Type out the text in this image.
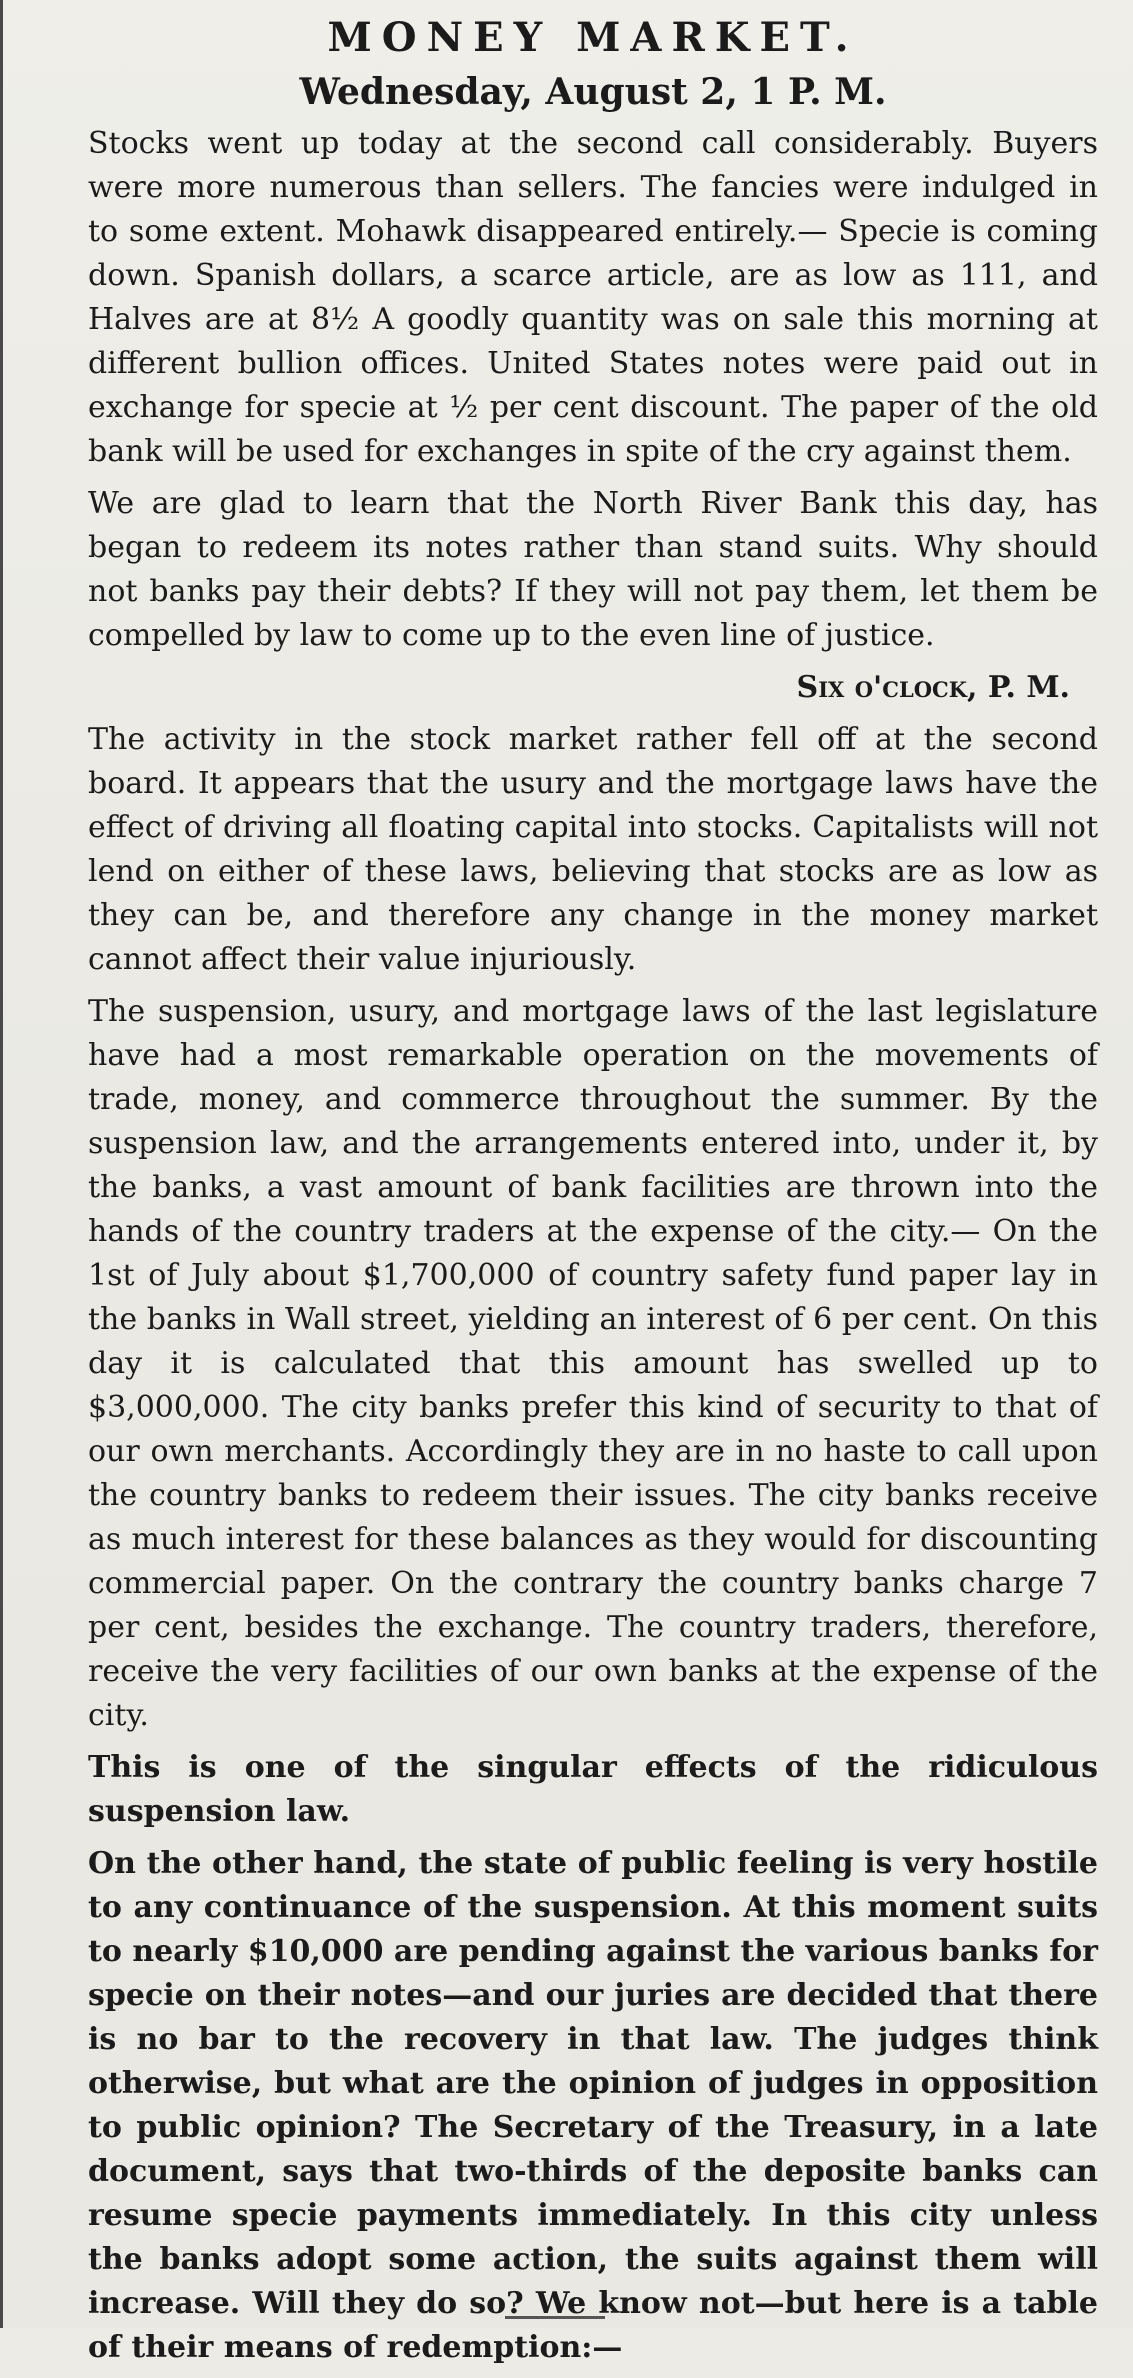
MONEY MARKET.
Wednesday, August 2, 1 P. M.

Stocks went up today at the second call considerably. Buyers were more numerous than sellers. The fancies were indulged in to some extent. Mohawk disappeared entirely.— Specie is coming down. Spanish dollars, a scarce article, are as low as 111, and Halves are at 8½ A goodly quantity was on sale this morning at different bullion offices. United States notes were paid out in exchange for specie at ½ per cent discount. The paper of the old bank will be used for exchanges in spite of the cry against them.

We are glad to learn that the North River Bank this day, has began to redeem its notes rather than stand suits. Why should not banks pay their debts? If they will not pay them, let them be compelled by law to come up to the even line of justice.

Six o'clock, P. M.

The activity in the stock market rather fell off at the second board. It appears that the usury and the mortgage laws have the effect of driving all floating capital into stocks. Capitalists will not lend on either of these laws, believing that stocks are as low as they can be, and therefore any change in the money market cannot affect their value injuriously.

The suspension, usury, and mortgage laws of the last legislature have had a most remarkable operation on the movements of trade, money, and commerce throughout the summer. By the suspension law, and the arrangements entered into, under it, by the banks, a vast amount of bank facilities are thrown into the hands of the country traders at the expense of the city.— On the 1st of July about $1,700,000 of country safety fund paper lay in the banks in Wall street, yielding an interest of 6 per cent. On this day it is calculated that this amount has swelled up to $3,000,000. The city banks prefer this kind of security to that of our own merchants. Accordingly they are in no haste to call upon the country banks to redeem their issues. The city banks receive as much interest for these balances as they would for discounting commercial paper. On the contrary the country banks charge 7 per cent, besides the exchange. The country traders, therefore, receive the very facilities of our own banks at the expense of the city.

This is one of the singular effects of the ridiculous suspension law.

On the other hand, the state of public feeling is very hostile to any continuance of the suspension. At this moment suits to nearly $10,000 are pending against the various banks for specie on their notes—and our juries are decided that there is no bar to the recovery in that law. The judges think otherwise, but what are the opinion of judges in opposition to public opinion? The Secretary of the Treasury, in a late document, says that two-thirds of the deposite banks can resume specie payments immediately. In this city unless the banks adopt some action, the suits against them will increase. Will they do so? We know not—but here is a table of their means of redemption:—
